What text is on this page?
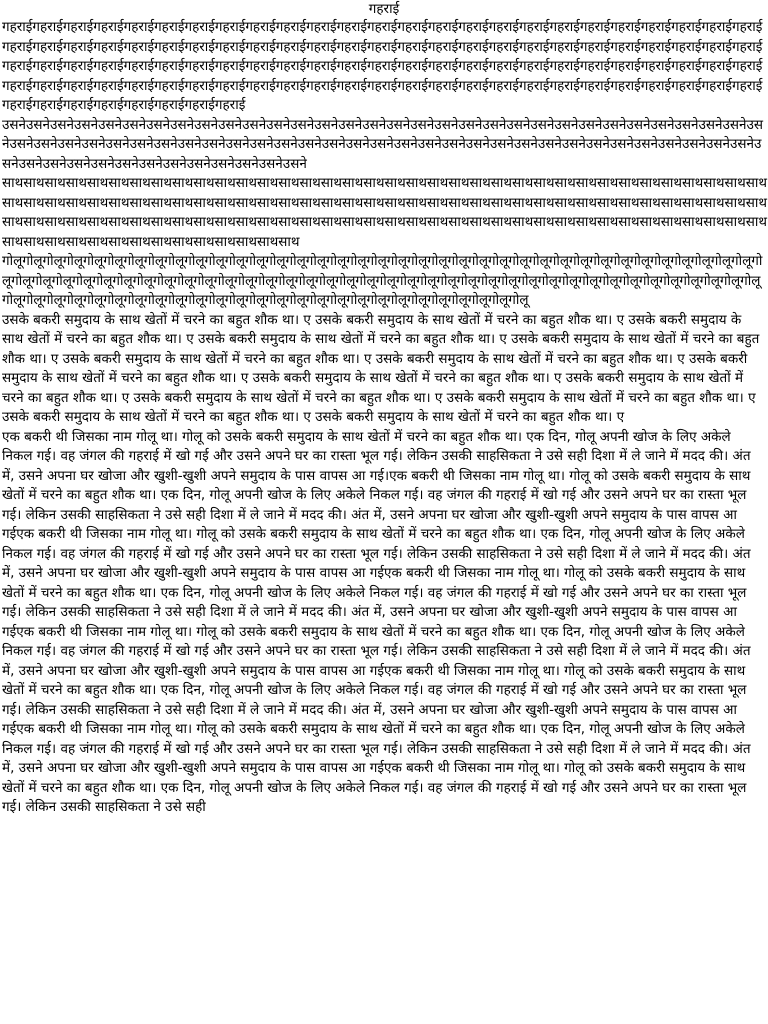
गहराई

गहराईगहराईगहराईगहराईगहराईगहराईगहराईगहराईगहराईगहराईगहराईगहराईगहराईगहराईगहराईगहराईगहराईगहराईगहराईगहराईगहराईगहराईगहराईगहराईगहराईगहराईगहराईगहराईगहराईगहराईगहराईगहराईगहराईगहराईगहराईगहराईगहराईगहराईगहराईगहराईगहराईगहराईगहराईगहराईगहराईगहराईगहराईगहराईगहराईगहराईगहराईगहराईगहराईगहराईगहराईगहराईगहराईगहराईगहराईगहराईगहराईगहराईगहराईगहराईगहराईगहराईगहराईगहराईगहराईगहराईगहराईगहराईगहराईगहराईगहराईगहराईगहराईगहराईगहराईगहराईगहराईगहराईगहराईगहराईगहराईगहराईगहराईगहराईगहराईगहराईगहराईगहराईगहराईगहराईगहराईगहराईगहराईगहराईगहराईगहराईगहराईगहराईगहराईगहराईगहराईगहराईगहराईगहराई

उसनेउसनेउसनेउसनेउसनेउसनेउसनेउसनेउसनेउसनेउसनेउसनेउसनेउसनेउसनेउसनेउसनेउसनेउसनेउसनेउसनेउसनेउसनेउसनेउसनेउसनेउसनेउसनेउसनेउसनेउसनेउसनेउसनेउसनेउसनेउसनेउसनेउसनेउसनेउसनेउसनेउसनेउसनेउसनेउसनेउसनेउसनेउसनेउसनेउसनेउसनेउसनेउसनेउसनेउसनेउसनेउसनेउसनेउसनेउसनेउसनेउसनेउसनेउसनेउसनेउसनेउसनेउसनेउसनेउसनेउसनेउसनेउसनेउसनेउसनेउसने

साथसाथसाथसाथसाथसाथसाथसाथसाथसाथसाथसाथसाथसाथसाथसाथसाथसाथसाथसाथसाथसाथसाथसाथसाथसाथसाथसाथसाथसाथसाथसाथसाथसाथसाथसाथसाथसाथसाथसाथसाथसाथसाथसाथसाथसाथसाथसाथसाथसाथसाथसाथसाथसाथसाथसाथसाथसाथसाथसाथसाथसाथसाथसाथसाथसाथसाथसाथसाथसाथसाथसाथसाथसाथसाथसाथसाथसाथसाथसाथसाथसाथसाथसाथसाथसाथसाथसाथसाथसाथसाथसाथसाथसाथसाथसाथसाथसाथसाथसाथसाथसाथसाथसाथसाथसाथसाथसाथसाथसाथसाथसाथसाथसाथसाथसाथसाथसाथसाथसाथसाथसाथ

गोलूगोलूगोलूगोलूगोलूगोलूगोलूगोलूगोलूगोलूगोलूगोलूगोलूगोलूगोलूगोलूगोलूगोलूगोलूगोलूगोलूगोलूगोलूगोलूगोलूगोलूगोलूगोलूगोलूगोलूगोलूगोलूगोलूगोलूगोलूगोलूगोलूगोलूगोलूगोलूगोलूगोलूगोलूगोलूगोलूगोलूगोलूगोलूगोलूगोलूगोलूगोलूगोलूगोलूगोलूगोलूगोलूगोलूगोलूगोलूगोलूगोलूगोलूगोलूगोलूगोलूगोलूगोलूगोलूगोलूगोलूगोलूगोलूगोलूगोलूगोलूगोलूगोलूगोलूगोलूगोलूगोलूगोलूगोलूगोलूगोलूगोलूगोलूगोलूगोलूगोलूगोलूगोलूगोलूगोलूगोलूगोलूगोलूगोलूगोलूगोलू

उसके बकरी समुदाय के साथ खेतों में चरने का बहुत शौक था। ए उसके बकरी समुदाय के साथ खेतों में चरने का बहुत शौक था। ए उसके बकरी समुदाय के साथ खेतों में चरने का बहुत शौक था। ए उसके बकरी समुदाय के साथ खेतों में चरने का बहुत शौक था। ए उसके बकरी समुदाय के साथ खेतों में चरने का बहुत शौक था। ए उसके बकरी समुदाय के साथ खेतों में चरने का बहुत शौक था। ए उसके बकरी समुदाय के साथ खेतों में चरने का बहुत शौक था। ए उसके बकरी समुदाय के साथ खेतों में चरने का बहुत शौक था। ए उसके बकरी समुदाय के साथ खेतों में चरने का बहुत शौक था। ए उसके बकरी समुदाय के साथ खेतों में चरने का बहुत शौक था। ए उसके बकरी समुदाय के साथ खेतों में चरने का बहुत शौक था। ए उसके बकरी समुदाय के साथ खेतों में चरने का बहुत शौक था। ए उसके बकरी समुदाय के साथ खेतों में चरने का बहुत शौक था। ए उसके बकरी समुदाय के साथ खेतों में चरने का बहुत शौक था। ए

एक बकरी थी जिसका नाम गोलू था। गोलू को उसके बकरी समुदाय के साथ खेतों में चरने का बहुत शौक था। एक दिन, गोलू अपनी खोज के लिए अकेले निकल गई। वह जंगल की गहराई में खो गई और उसने अपने घर का रास्ता भूल गई। लेकिन उसकी साहसिकता ने उसे सही दिशा में ले जाने में मदद की। अंत में, उसने अपना घर खोजा और खुशी-खुशी अपने समुदाय के पास वापस आ गई।एक बकरी थी जिसका नाम गोलू था। गोलू को उसके बकरी समुदाय के साथ खेतों में चरने का बहुत शौक था। एक दिन, गोलू अपनी खोज के लिए अकेले निकल गई। वह जंगल की गहराई में खो गई और उसने अपने घर का रास्ता भूल गई। लेकिन उसकी साहसिकता ने उसे सही दिशा में ले जाने में मदद की। अंत में, उसने अपना घर खोजा और खुशी-खुशी अपने समुदाय के पास वापस आ गईएक बकरी थी जिसका नाम गोलू था। गोलू को उसके बकरी समुदाय के साथ खेतों में चरने का बहुत शौक था। एक दिन, गोलू अपनी खोज के लिए अकेले निकल गई। वह जंगल की गहराई में खो गई और उसने अपने घर का रास्ता भूल गई। लेकिन उसकी साहसिकता ने उसे सही दिशा में ले जाने में मदद की। अंत में, उसने अपना घर खोजा और खुशी-खुशी अपने समुदाय के पास वापस आ गईएक बकरी थी जिसका नाम गोलू था। गोलू को उसके बकरी समुदाय के साथ खेतों में चरने का बहुत शौक था। एक दिन, गोलू अपनी खोज के लिए अकेले निकल गई। वह जंगल की गहराई में खो गई और उसने अपने घर का रास्ता भूल गई। लेकिन उसकी साहसिकता ने उसे सही दिशा में ले जाने में मदद की। अंत में, उसने अपना घर खोजा और खुशी-खुशी अपने समुदाय के पास वापस आ गईएक बकरी थी जिसका नाम गोलू था। गोलू को उसके बकरी समुदाय के साथ खेतों में चरने का बहुत शौक था। एक दिन, गोलू अपनी खोज के लिए अकेले निकल गई। वह जंगल की गहराई में खो गई और उसने अपने घर का रास्ता भूल गई। लेकिन उसकी साहसिकता ने उसे सही दिशा में ले जाने में मदद की। अंत में, उसने अपना घर खोजा और खुशी-खुशी अपने समुदाय के पास वापस आ गईएक बकरी थी जिसका नाम गोलू था। गोलू को उसके बकरी समुदाय के साथ खेतों में चरने का बहुत शौक था। एक दिन, गोलू अपनी खोज के लिए अकेले निकल गई। वह जंगल की गहराई में खो गई और उसने अपने घर का रास्ता भूल गई। लेकिन उसकी साहसिकता ने उसे सही दिशा में ले जाने में मदद की। अंत में, उसने अपना घर खोजा और खुशी-खुशी अपने समुदाय के पास वापस आ गईएक बकरी थी जिसका नाम गोलू था। गोलू को उसके बकरी समुदाय के साथ खेतों में चरने का बहुत शौक था। एक दिन, गोलू अपनी खोज के लिए अकेले निकल गई। वह जंगल की गहराई में खो गई और उसने अपने घर का रास्ता भूल गई। लेकिन उसकी साहसिकता ने उसे सही दिशा में ले जाने में मदद की। अंत में, उसने अपना घर खोजा और खुशी-खुशी अपने समुदाय के पास वापस आ गईएक बकरी थी जिसका नाम गोलू था। गोलू को उसके बकरी समुदाय के साथ खेतों में चरने का बहुत शौक था। एक दिन, गोलू अपनी खोज के लिए अकेले निकल गई। वह जंगल की गहराई में खो गई और उसने अपने घर का रास्ता भूल गई। लेकिन उसकी साहसिकता ने उसे सही
